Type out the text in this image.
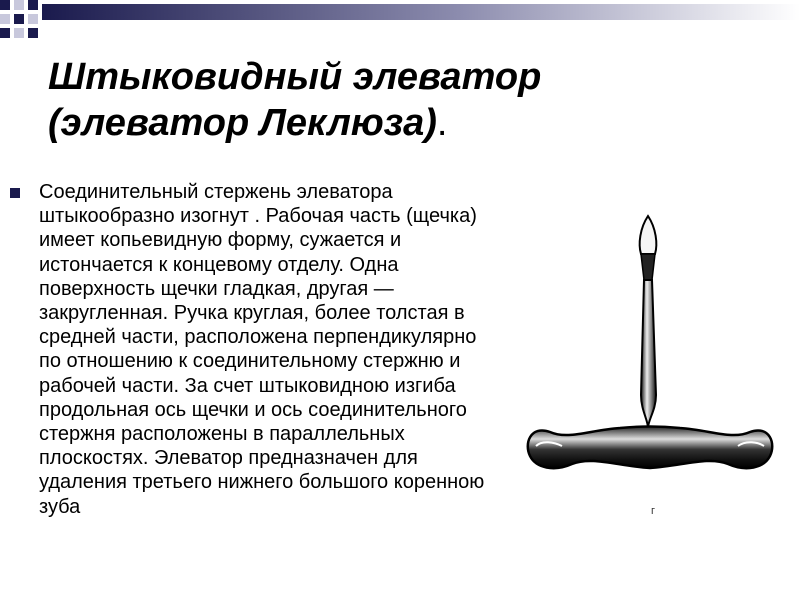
Штыковидный элеватор (элеватор Леклюза).
Соединительный стержень элеватора штыкообразно изогнут . Рабочая часть (щечка) имеет копьевидную форму, сужается и истончается к концевому отделу. Одна поверхность щечки гладкая, другая — закругленная. Ручка круглая, более толстая в средней части, расположена перпендикулярно по отношению к соединительному стержню и рабочей части. За счет штыковидною изгиба продольная ось щечки и ось соединительного стержня расположены в параллельных плоскостях. Элеватор предназначен для удаления третьего нижнего большого коренною зуба	г
